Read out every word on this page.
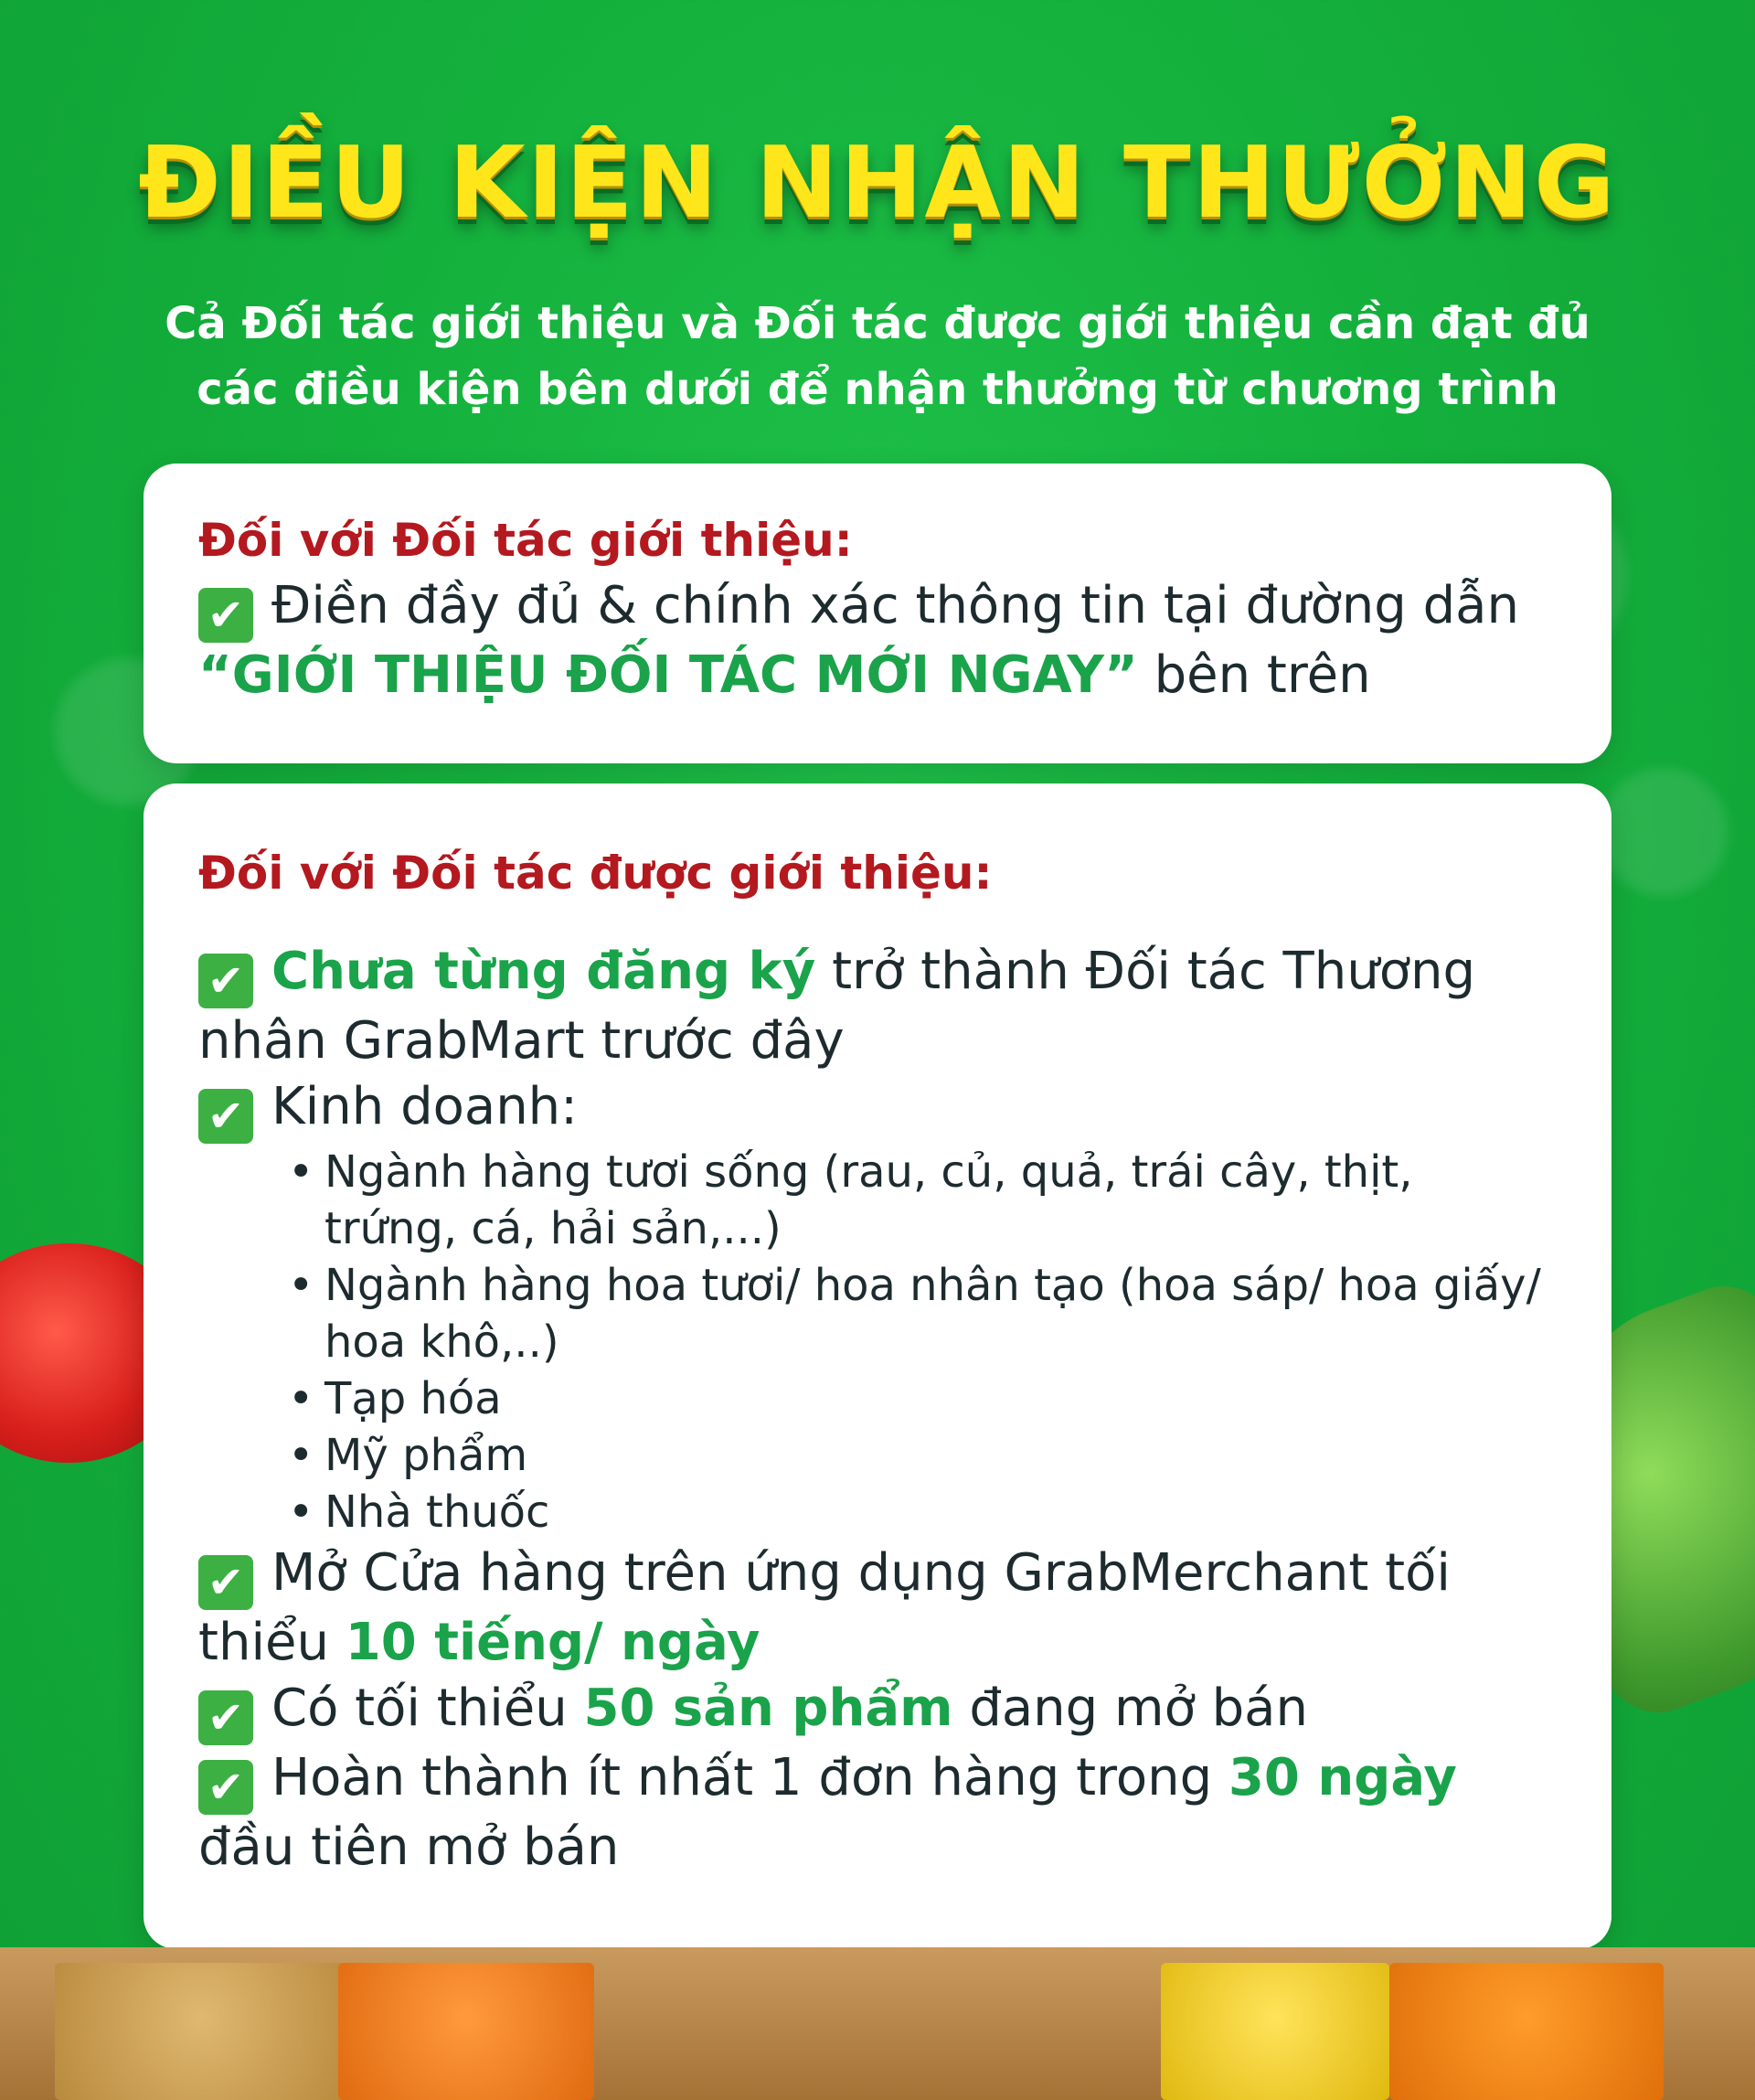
ĐIỀU KIỆN NHẬN THƯỞNG
Cả Đối tác giới thiệu và Đối tác được giới thiệu cần đạt đủ
các điều kiện bên dưới để nhận thưởng từ chương trình
Đối với Đối tác giới thiệu:
✔ Điền đầy đủ & chính xác thông tin tại đường dẫn
“GIỚI THIỆU ĐỐI TÁC MỚI NGAY” bên trên
Đối với Đối tác được giới thiệu:
✔ Chưa từng đăng ký trở thành Đối tác Thương
nhân GrabMart trước đây
✔ Kinh doanh:
• Ngành hàng tươi sống (rau, củ, quả, trái cây, thịt, trứng, cá, hải sản,...)
• Ngành hàng hoa tươi/ hoa nhân tạo (hoa sáp/ hoa giấy/ hoa khô,..)
• Tạp hóa
• Mỹ phẩm
• Nhà thuốc
✔ Mở Cửa hàng trên ứng dụng GrabMerchant tối
thiểu 10 tiếng/ ngày
✔ Có tối thiểu 50 sản phẩm đang mở bán
✔ Hoàn thành ít nhất 1 đơn hàng trong 30 ngày
đầu tiên mở bán
